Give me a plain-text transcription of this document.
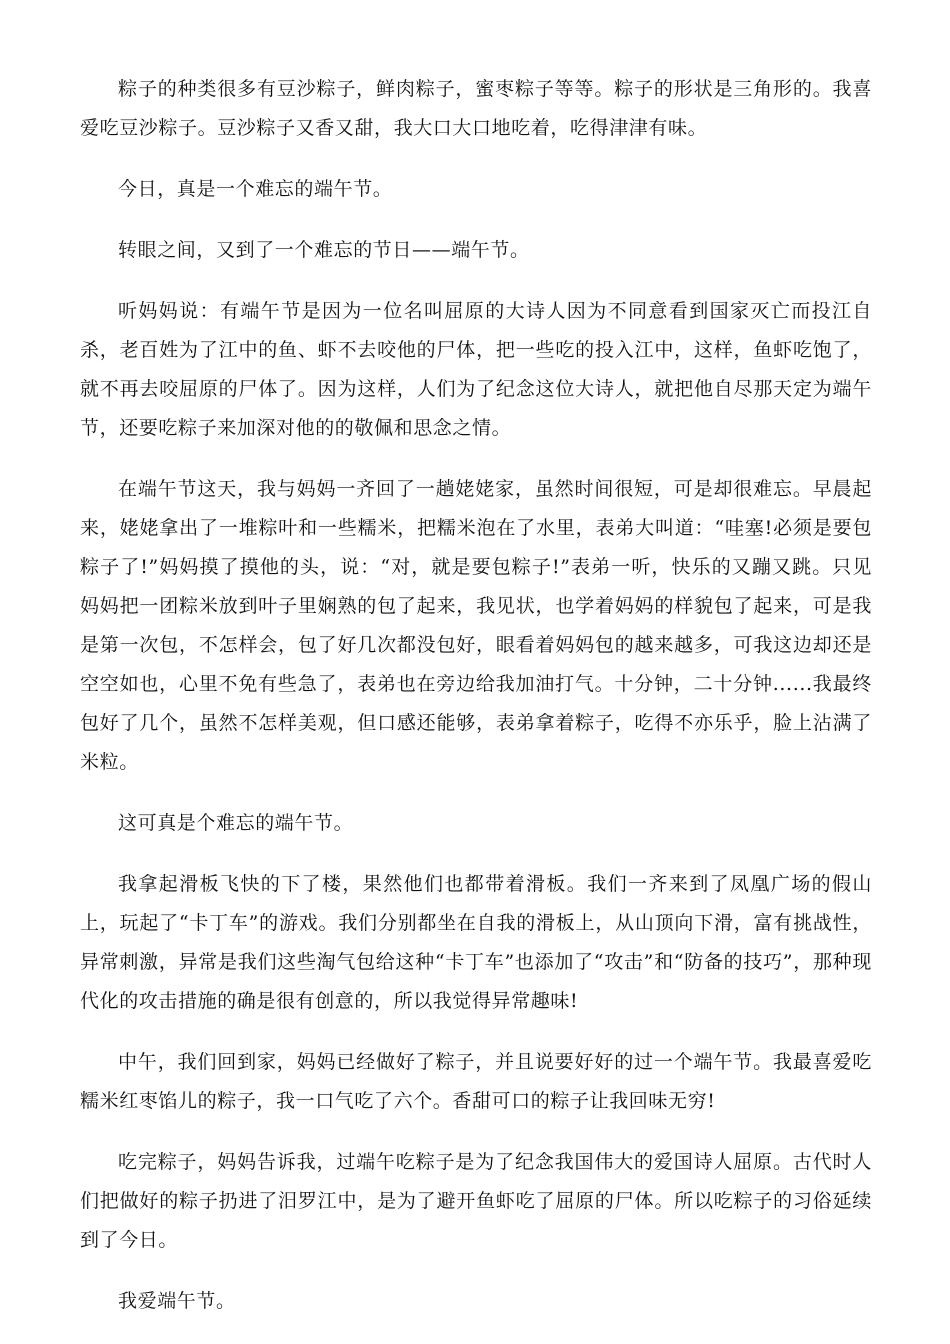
粽子的种类很多有豆沙粽子，鲜肉粽子，蜜枣粽子等等。粽子的形状是三角形的。我喜爱吃豆沙粽子。豆沙粽子又香又甜，我大口大口地吃着，吃得津津有味。

今日，真是一个难忘的端午节。

转眼之间，又到了一个难忘的节日——端午节。

听妈妈说：有端午节是因为一位名叫屈原的大诗人因为不同意看到国家灭亡而投江自杀，老百姓为了江中的鱼、虾不去咬他的尸体，把一些吃的投入江中，这样，鱼虾吃饱了，就不再去咬屈原的尸体了。因为这样，人们为了纪念这位大诗人，就把他自尽那天定为端午节，还要吃粽子来加深对他的的敬佩和思念之情。

在端午节这天，我与妈妈一齐回了一趟姥姥家，虽然时间很短，可是却很难忘。早晨起来，姥姥拿出了一堆粽叶和一些糯米，把糯米泡在了水里，表弟大叫道：“哇塞!必须是要包粽子了!”妈妈摸了摸他的头，说：“对，就是要包粽子!”表弟一听，快乐的又蹦又跳。只见妈妈把一团粽米放到叶子里娴熟的包了起来，我见状，也学着妈妈的样貌包了起来，可是我是第一次包，不怎样会，包了好几次都没包好，眼看着妈妈包的越来越多，可我这边却还是空空如也，心里不免有些急了，表弟也在旁边给我加油打气。十分钟，二十分钟......我最终包好了几个，虽然不怎样美观，但口感还能够，表弟拿着粽子，吃得不亦乐乎，脸上沾满了米粒。

这可真是个难忘的端午节。

我拿起滑板飞快的下了楼，果然他们也都带着滑板。我们一齐来到了凤凰广场的假山上，玩起了“卡丁车”的游戏。我们分别都坐在自我的滑板上，从山顶向下滑，富有挑战性，异常刺激，异常是我们这些淘气包给这种“卡丁车”也添加了“攻击”和“防备的技巧”，那种现代化的攻击措施的确是很有创意的，所以我觉得异常趣味!

中午，我们回到家，妈妈已经做好了粽子，并且说要好好的过一个端午节。我最喜爱吃糯米红枣馅儿的粽子，我一口气吃了六个。香甜可口的粽子让我回味无穷!

吃完粽子，妈妈告诉我，过端午吃粽子是为了纪念我国伟大的爱国诗人屈原。古代时人们把做好的粽子扔进了汨罗江中，是为了避开鱼虾吃了屈原的尸体。所以吃粽子的习俗延续到了今日。

我爱端午节。
